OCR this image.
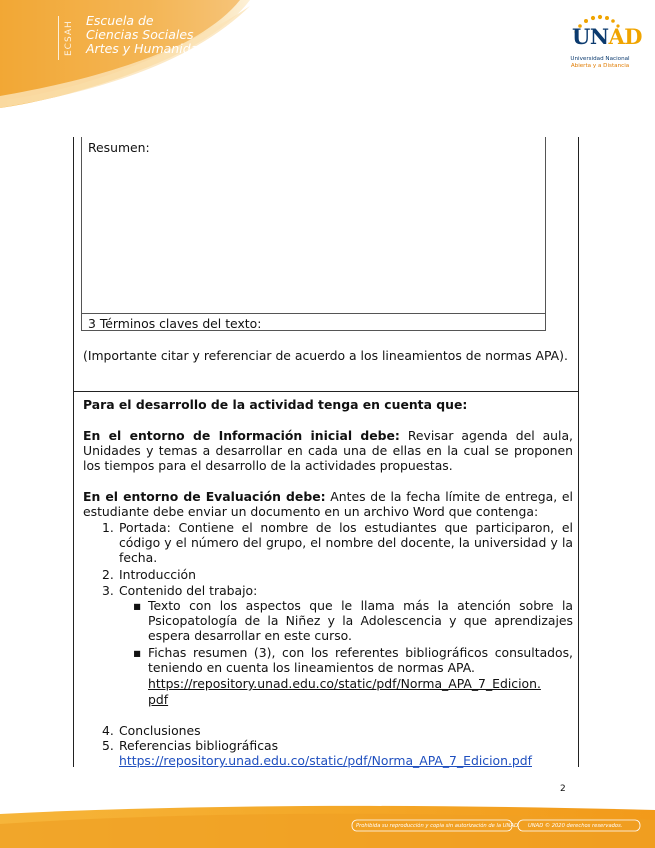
ECSAH Escuela de
Ciencias Sociales
Artes y Humanidades	UNAD
Universidad Nacional
Abierta y a Distancia
Resumen:
3 Términos claves del texto:
(Importante citar y referenciar de acuerdo a los lineamientos de normas APA).
Para el desarrollo de la actividad tenga en cuenta que:
En el entorno de Información inicial debe: Revisar agenda del aula, Unidades y temas a desarrollar en cada una de ellas en la cual se proponen los tiempos para el desarrollo de la actividades propuestas.
En el entorno de Evaluación debe: Antes de la fecha límite de entrega, el estudiante debe enviar un documento en un archivo Word que contenga:
1. Portada: Contiene el nombre de los estudiantes que participaron, el código y el número del grupo, el nombre del docente, la universidad y la fecha.
2. Introducción
3. Contenido del trabajo:
▪ Texto con los aspectos que le llama más la atención sobre la Psicopatología de la Niñez y la Adolescencia y que aprendizajes espera desarrollar en este curso.
▪ Fichas resumen (3), con los referentes bibliográficos consultados, teniendo en cuenta los lineamientos de normas APA.
https://repository.unad.edu.co/static/pdf/Norma_APA_7_Edicion.
pdf
4. Conclusiones
5. Referencias bibliográficas
https://repository.unad.edu.co/static/pdf/Norma_APA_7_Edicion.pdf
2
Prohibida su reproducción y copia sin autorización de la UNAD. UNAD © 2020 derechos reservados.
